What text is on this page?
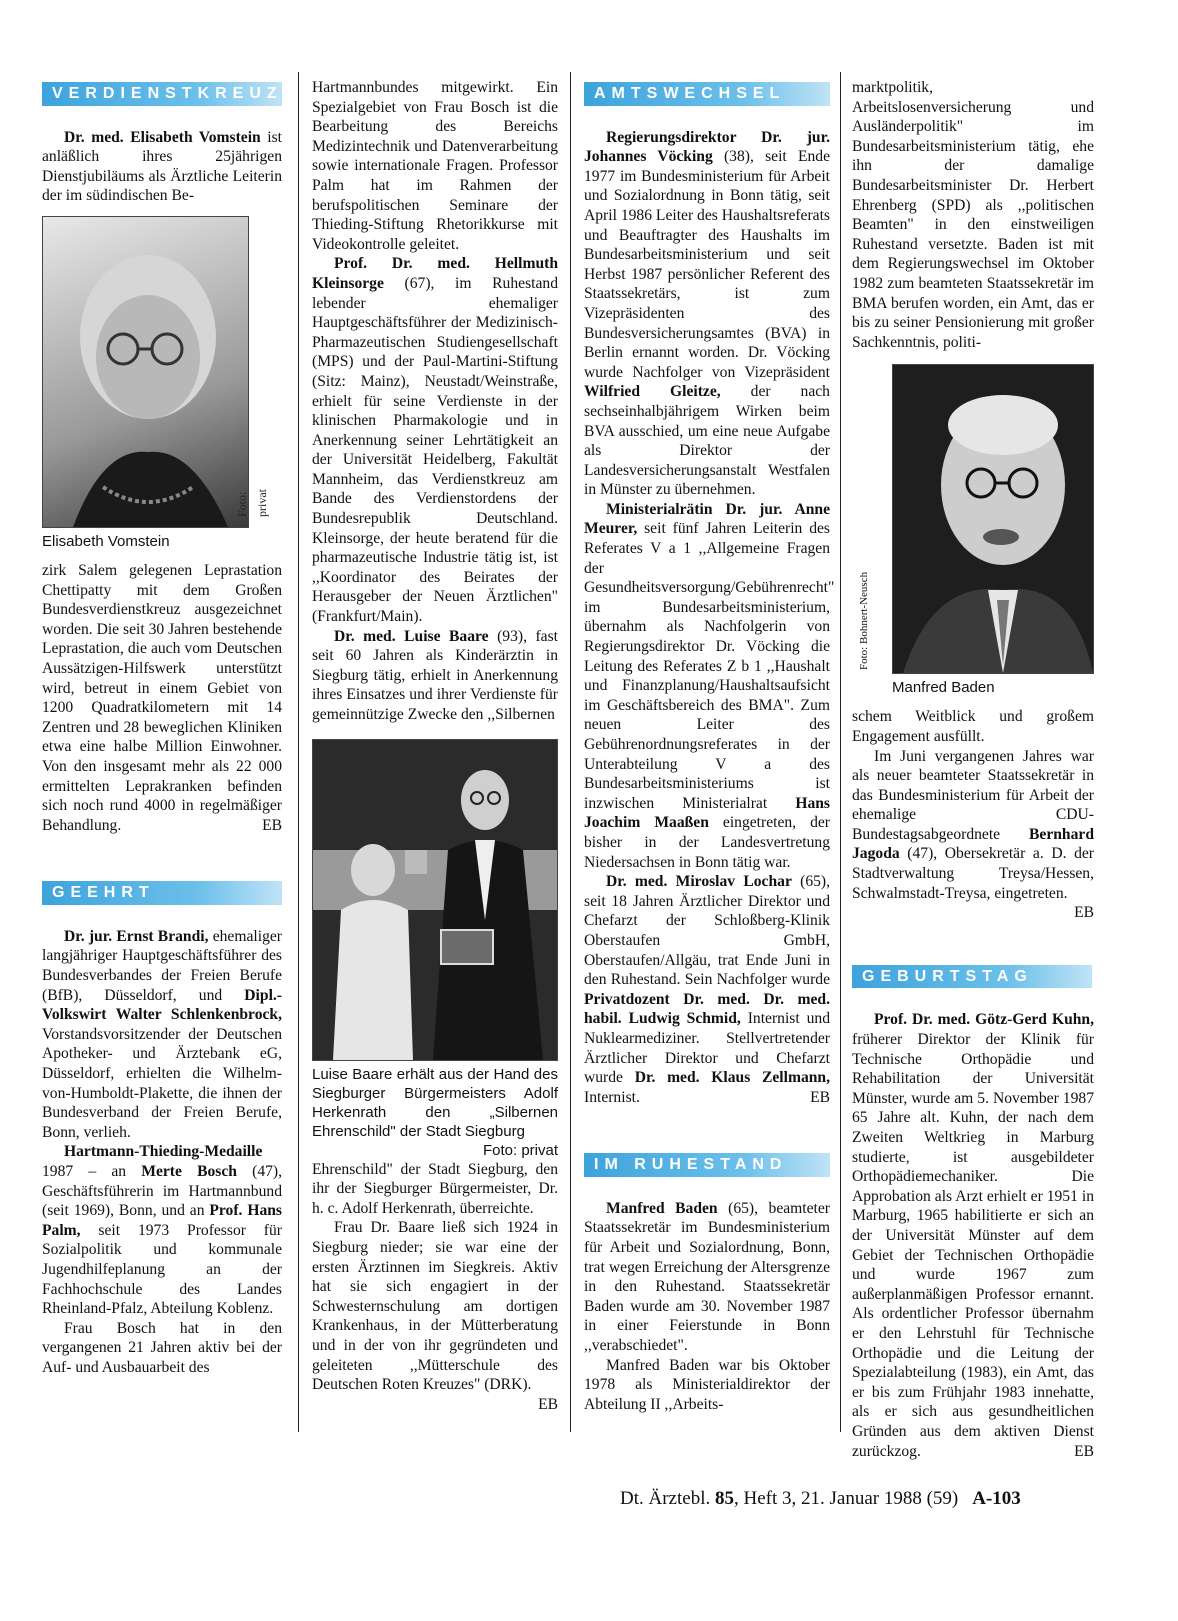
VERDIENSTKREUZ

Dr. med. Elisabeth Vomstein ist anläßlich ihres 25jährigen Dienstjubiläums als Ärztliche Leiterin der im südindischen Be-

Foto: privat
Elisabeth Vomstein

zirk Salem gelegenen Leprastation Chettipatty mit dem Großen Bundesverdienstkreuz ausgezeichnet worden. Die seit 30 Jahren bestehende Leprastation, die auch vom Deutschen Aussätzigen-Hilfswerk unterstützt wird, betreut in einem Gebiet von 1200 Quadratkilometern mit 14 Zentren und 28 beweglichen Kliniken etwa eine halbe Million Einwohner. Von den insgesamt mehr als 22 000 ermittelten Leprakranken befinden sich noch rund 4000 in regelmäßiger Behandlung.	EB

GEEHRT

Dr. jur. Ernst Brandi, ehemaliger langjähriger Hauptgeschäftsführer des Bundesverbandes der Freien Berufe (BfB), Düsseldorf, und Dipl.-Volkswirt Walter Schlenkenbrock, Vorstandsvorsitzender der Deutschen Apotheker- und Ärztebank eG, Düsseldorf, erhielten die Wilhelm-von-Humboldt-Plakette, die ihnen der Bundesverband der Freien Berufe, Bonn, verlieh.

Hartmann-Thieding-Medaille 1987 – an Merte Bosch (47), Geschäftsführerin im Hartmannbund (seit 1969), Bonn, und an Prof. Hans Palm, seit 1973 Professor für Sozialpolitik und kommunale Jugendhilfeplanung an der Fachhochschule des Landes Rheinland-Pfalz, Abteilung Koblenz.

Frau Bosch hat in den vergangenen 21 Jahren aktiv bei der Auf- und Ausbauarbeit des

Hartmannbundes mitgewirkt. Ein Spezialgebiet von Frau Bosch ist die Bearbeitung des Bereichs Medizintechnik und Datenverarbeitung sowie internationale Fragen. Professor Palm hat im Rahmen der berufspolitischen Seminare der Thieding-Stiftung Rhetorikkurse mit Videokontrolle geleitet.

Prof. Dr. med. Hellmuth Kleinsorge (67), im Ruhestand lebender ehemaliger Hauptgeschäftsführer der Medizinisch-Pharmazeutischen Studiengesellschaft (MPS) und der Paul-Martini-Stiftung (Sitz: Mainz), Neustadt/Weinstraße, erhielt für seine Verdienste in der klinischen Pharmakologie und in Anerkennung seiner Lehrtätigkeit an der Universität Heidelberg, Fakultät Mannheim, das Verdienstkreuz am Bande des Verdienstordens der Bundesrepublik Deutschland. Kleinsorge, der heute beratend für die pharmazeutische Industrie tätig ist, ist ,,Koordinator des Beirates der Herausgeber der Neuen Ärztlichen" (Frankfurt/Main).

Dr. med. Luise Baare (93), fast seit 60 Jahren als Kinderärztin in Siegburg tätig, erhielt in Anerkennung ihres Einsatzes und ihrer Verdienste für gemeinnützige Zwecke den ,,Silbernen

Luise Baare erhält aus der Hand des Siegburger Bürgermeisters Adolf Herkenrath den „Silbernen Ehrenschild" der Stadt Siegburg
Foto: privat

Ehrenschild" der Stadt Siegburg, den ihr der Siegburger Bürgermeister, Dr. h. c. Adolf Herkenrath, überreichte.

Frau Dr. Baare ließ sich 1924 in Siegburg nieder; sie war eine der ersten Ärztinnen im Siegkreis. Aktiv hat sie sich engagiert in der Schwesternschulung am dortigen Krankenhaus, in der Mütterberatung und in der von ihr gegründeten und geleiteten ,,Mütterschule des Deutschen Roten Kreuzes" (DRK).
EB

AMTSWECHSEL

Regierungsdirektor Dr. jur. Johannes Vöcking (38), seit Ende 1977 im Bundesministerium für Arbeit und Sozialordnung in Bonn tätig, seit April 1986 Leiter des Haushaltsreferats und Beauftragter des Haushalts im Bundesarbeitsministerium und seit Herbst 1987 persönlicher Referent des Staatssekretärs, ist zum Vizepräsidenten des Bundesversicherungsamtes (BVA) in Berlin ernannt worden. Dr. Vöcking wurde Nachfolger von Vizepräsident Wilfried Gleitze, der nach sechseinhalbjährigem Wirken beim BVA ausschied, um eine neue Aufgabe als Direktor der Landesversicherungsanstalt Westfalen in Münster zu übernehmen.

Ministerialrätin Dr. jur. Anne Meurer, seit fünf Jahren Leiterin des Referates V a 1 ,,Allgemeine Fragen der Gesundheitsversorgung/Gebührenrecht" im Bundesarbeitsministerium, übernahm als Nachfolgerin von Regierungsdirektor Dr. Vöcking die Leitung des Referates Z b 1 ,,Haushalt und Finanzplanung/Haushaltsaufsicht im Geschäftsbereich des BMA". Zum neuen Leiter des Gebührenordnungsreferates in der Unterabteilung V a des Bundesarbeitsministeriums ist inzwischen Ministerialrat Hans Joachim Maaßen eingetreten, der bisher in der Landesvertretung Niedersachsen in Bonn tätig war.

Dr. med. Miroslav Lochar (65), seit 18 Jahren Ärztlicher Direktor und Chefarzt der Schloßberg-Klinik Oberstaufen GmbH, Oberstaufen/Allgäu, trat Ende Juni in den Ruhestand. Sein Nachfolger wurde Privatdozent Dr. med. Dr. med. habil. Ludwig Schmid, Internist und Nuklearmediziner. Stellvertretender Ärztlicher Direktor und Chefarzt wurde Dr. med. Klaus Zellmann, Internist.	EB

IM RUHESTAND

Manfred Baden (65), beamteter Staatssekretär im Bundesministerium für Arbeit und Sozialordnung, Bonn, trat wegen Erreichung der Altersgrenze in den Ruhestand. Staatssekretär Baden wurde am 30. November 1987 in einer Feierstunde in Bonn ,,verabschiedet".

Manfred Baden war bis Oktober 1978 als Ministerialdirektor der Abteilung II ,,Arbeits-

marktpolitik, Arbeitslosenversicherung und Ausländerpolitik" im Bundesarbeitsministerium tätig, ehe ihn der damalige Bundesarbeitsminister Dr. Herbert Ehrenberg (SPD) als ,,politischen Beamten" in den einstweiligen Ruhestand versetzte. Baden ist mit dem Regierungswechsel im Oktober 1982 zum beamteten Staatssekretär im BMA berufen worden, ein Amt, das er bis zu seiner Pensionierung mit großer Sachkenntnis, politi-

Foto: Bohnert-Neusch
Manfred Baden

schem Weitblick und großem Engagement ausfüllt.

Im Juni vergangenen Jahres war als neuer beamteter Staatssekretär in das Bundesministerium für Arbeit der ehemalige CDU-Bundestagsabgeordnete Bernhard Jagoda (47), Obersekretär a. D. der Stadtverwaltung Treysa/Hessen, Schwalmstadt-Treysa, eingetreten.
EB

GEBURTSTAG

Prof. Dr. med. Götz-Gerd Kuhn, früherer Direktor der Klinik für Technische Orthopädie und Rehabilitation der Universität Münster, wurde am 5. November 1987 65 Jahre alt. Kuhn, der nach dem Zweiten Weltkrieg in Marburg studierte, ist ausgebildeter Orthopädiemechaniker. Die Approbation als Arzt erhielt er 1951 in Marburg, 1965 habilitierte er sich an der Universität Münster auf dem Gebiet der Technischen Orthopädie und wurde 1967 zum außerplanmäßigen Professor ernannt. Als ordentlicher Professor übernahm er den Lehrstuhl für Technische Orthopädie und die Leitung der Spezialabteilung (1983), ein Amt, das er bis zum Frühjahr 1983 innehatte, als er sich aus gesundheitlichen Gründen aus dem aktiven Dienst zurückzog.	EB

Dt. Ärztebl. 85, Heft 3, 21. Januar 1988 (59) A-103
